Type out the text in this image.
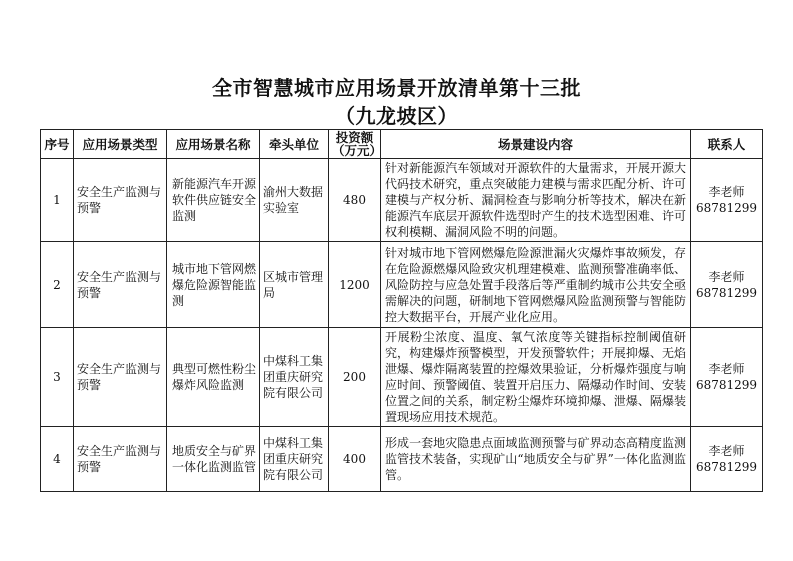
全市智慧城市应用场景开放清单第十三批
（九龙坡区）
序号	应用场景类型	应用场景名称	牵头单位	投资额（万元）	场景建设内容	联系人
1	安全生产监测与预警	新能源汽车开源软件供应链安全监测	渝州大数据实验室	480	针对新能源汽车领域对开源软件的大量需求，开展开源大代码技术研究，重点突破能力建模与需求匹配分析、许可建模与产权分析、漏洞检查与影响分析等技术，解决在新能源汽车底层开源软件选型时产生的技术选型困难、许可权利模糊、漏洞风险不明的问题。	李老师
68781299

2	安全生产监测与预警	城市地下管网燃爆危险源智能监测	区城市管理局	1200	针对城市地下管网燃爆危险源泄漏火灾爆炸事故频发，存在危险源燃爆风险致灾机理建模难、监测预警准确率低、风险防控与应急处置手段落后等严重制约城市公共安全亟需解决的问题，研制地下管网燃爆风险监测预警与智能防控大数据平台，开展产业化应用。	李老师
68781299

3	安全生产监测与预警	典型可燃性粉尘爆炸风险监测	中煤科工集团重庆研究院有限公司	200	开展粉尘浓度、温度、氧气浓度等关键指标控制阈值研究，构建爆炸预警模型，开发预警软件；开展抑爆、无焰泄爆、爆炸隔离装置的控爆效果验证，分析爆炸强度与响应时间、预警阈值、装置开启压力、隔爆动作时间、安装位置之间的关系，制定粉尘爆炸环境抑爆、泄爆、隔爆装置现场应用技术规范。	李老师
68781299

4	安全生产监测与预警	地质安全与矿界一体化监测监管	中煤科工集团重庆研究院有限公司	400	形成一套地灾隐患点面域监测预警与矿界动态高精度监测监管技术装备，实现矿山“地质安全与矿界”一体化监测监管。	李老师
68781299
